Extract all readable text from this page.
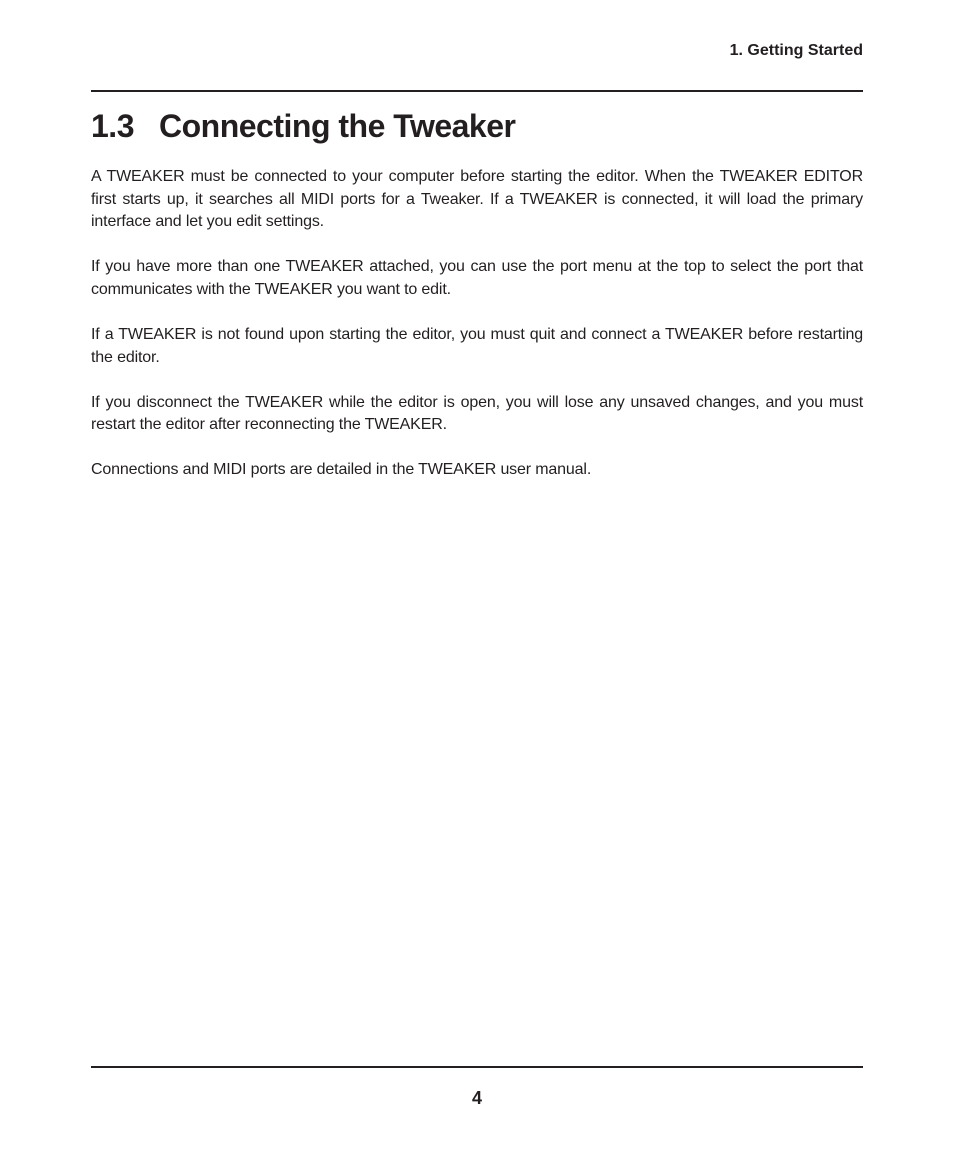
1. Getting Started
1.3 Connecting the Tweaker

A TWEAKER must be connected to your computer before starting the editor. When the TWEAKER EDITOR first starts up, it searches all MIDI ports for a Tweaker. If a TWEAKER is connected, it will load the primary interface and let you edit settings.

If you have more than one TWEAKER attached, you can use the port menu at the top to select the port that communicates with the TWEAKER you want to edit.

If a TWEAKER is not found upon starting the editor, you must quit and connect a TWEAKER before restarting the editor.

If you disconnect the TWEAKER while the editor is open, you will lose any unsaved changes, and you must restart the editor after reconnecting the TWEAKER.

Connections and MIDI ports are detailed in the TWEAKER user manual.

4
